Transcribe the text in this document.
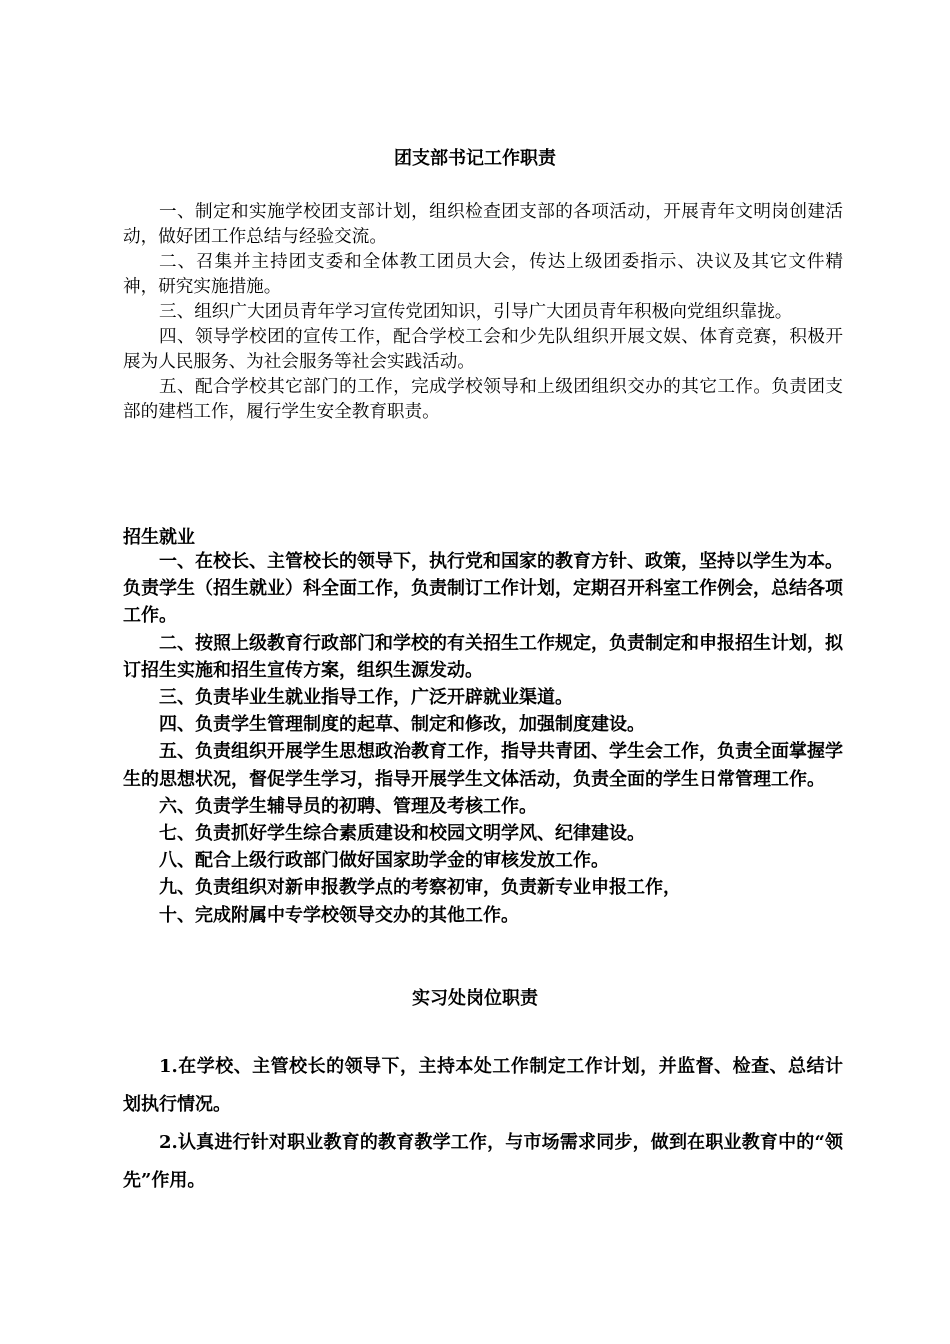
团支部书记工作职责

一、制定和实施学校团支部计划，组织检查团支部的各项活动，开展青年文明岗创建活动，做好团工作总结与经验交流。

二、召集并主持团支委和全体教工团员大会，传达上级团委指示、决议及其它文件精神，研究实施措施。

三、组织广大团员青年学习宣传党团知识，引导广大团员青年积极向党组织靠拢。

四、领导学校团的宣传工作，配合学校工会和少先队组织开展文娱、体育竞赛，积极开展为人民服务、为社会服务等社会实践活动。

五、配合学校其它部门的工作，完成学校领导和上级团组织交办的其它工作。负责团支部的建档工作，履行学生安全教育职责。

招生就业

一、在校长、主管校长的领导下，执行党和国家的教育方针、政策，坚持以学生为本。负责学生（招生就业）科全面工作，负责制订工作计划，定期召开科室工作例会，总结各项工作。

二、按照上级教育行政部门和学校的有关招生工作规定，负责制定和申报招生计划，拟订招生实施和招生宣传方案，组织生源发动。

三、负责毕业生就业指导工作，广泛开辟就业渠道。

四、负责学生管理制度的起草、制定和修改，加强制度建设。

五、负责组织开展学生思想政治教育工作，指导共青团、学生会工作，负责全面掌握学生的思想状况，督促学生学习，指导开展学生文体活动，负责全面的学生日常管理工作。

六、负责学生辅导员的初聘、管理及考核工作。

七、负责抓好学生综合素质建设和校园文明学风、纪律建设。

八、配合上级行政部门做好国家助学金的审核发放工作。

九、负责组织对新申报教学点的考察初审，负责新专业申报工作，

十、完成附属中专学校领导交办的其他工作。

实习处岗位职责

1.在学校、主管校长的领导下，主持本处工作制定工作计划，并监督、检查、总结计划执行情况。

2.认真进行针对职业教育的教育教学工作，与市场需求同步，做到在职业教育中的“领先”作用。
